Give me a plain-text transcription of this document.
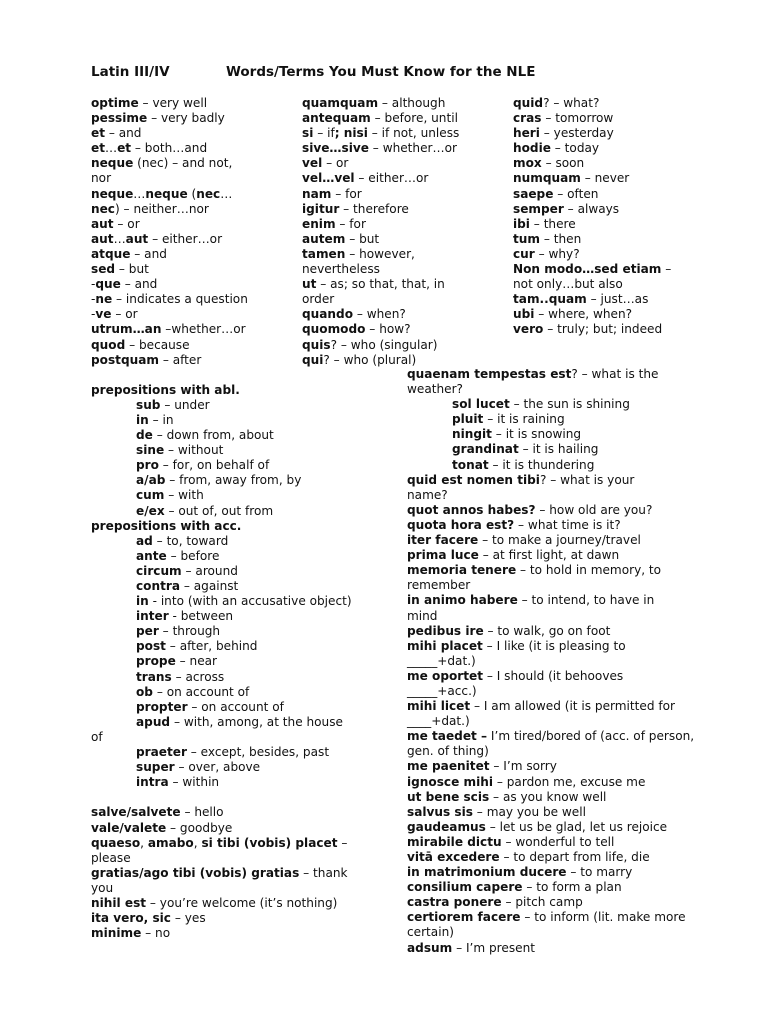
Latin III/IV	Words/Terms You Must Know for the NLE
optime – very well
pessime – very badly
et – and
et…et – both…and
neque (nec) – and not,
nor
neque…neque (nec…
nec) – neither…nor
aut – or
aut…aut – either…or
atque – and
sed – but
-que – and
-ne – indicates a question
-ve – or
utrum…an –whether…or
quod – because
postquam – after
prepositions with abl.
sub – under
in – in
de – down from, about
sine – without
pro – for, on behalf of
a/ab – from, away from, by
cum – with
e/ex – out of, out from
prepositions with acc.
ad – to, toward
ante – before
circum – around
contra – against
in - into (with an accusative object)
inter - between
per – through
post – after, behind
prope – near
trans – across
ob – on account of
propter – on account of
apud – with, among, at the house
of
praeter – except, besides, past
super – over, above
intra – within
salve/salvete – hello
vale/valete – goodbye
quaeso, amabo, si tibi (vobis) placet –
please
gratias/ago tibi (vobis) gratias – thank
you
nihil est – you’re welcome (it’s nothing)
ita vero, sic – yes
minime – no
quamquam – although
antequam – before, until
si – if; nisi – if not, unless
sive…sive – whether…or
vel – or
vel…vel – either…or
nam – for
igitur – therefore
enim – for
autem – but
tamen – however,
nevertheless
ut – as; so that, that, in
order
quando – when?
quomodo – how?
quis? – who (singular)
qui? – who (plural)
quid? – what?
cras – tomorrow
heri – yesterday
hodie – today
mox – soon
numquam – never
saepe – often
semper – always
ibi – there
tum – then
cur – why?
Non modo…sed etiam –
not only…but also
tam..quam – just…as
ubi – where, when?
vero – truly; but; indeed
quaenam tempestas est? – what is the
weather?
sol lucet – the sun is shining
pluit – it is raining
ningit – it is snowing
grandinat – it is hailing
tonat – it is thundering
quid est nomen tibi? – what is your
name?
quot annos habes? – how old are you?
quota hora est? – what time is it?
iter facere – to make a journey/travel
prima luce – at first light, at dawn
memoria tenere – to hold in memory, to
remember
in animo habere – to intend, to have in
mind
pedibus ire – to walk, go on foot
mihi placet – I like (it is pleasing to
_____+dat.)
me oportet – I should (it behooves
_____+acc.)
mihi licet – I am allowed (it is permitted for
____+dat.)
me taedet – I’m tired/bored of (acc. of person,
gen. of thing)
me paenitet – I’m sorry
ignosce mihi – pardon me, excuse me
ut bene scis – as you know well
salvus sis – may you be well
gaudeamus – let us be glad, let us rejoice
mirabile dictu – wonderful to tell
vitā excedere – to depart from life, die
in matrimonium ducere – to marry
consilium capere – to form a plan
castra ponere – pitch camp
certiorem facere – to inform (lit. make more
certain)
adsum – I’m present
